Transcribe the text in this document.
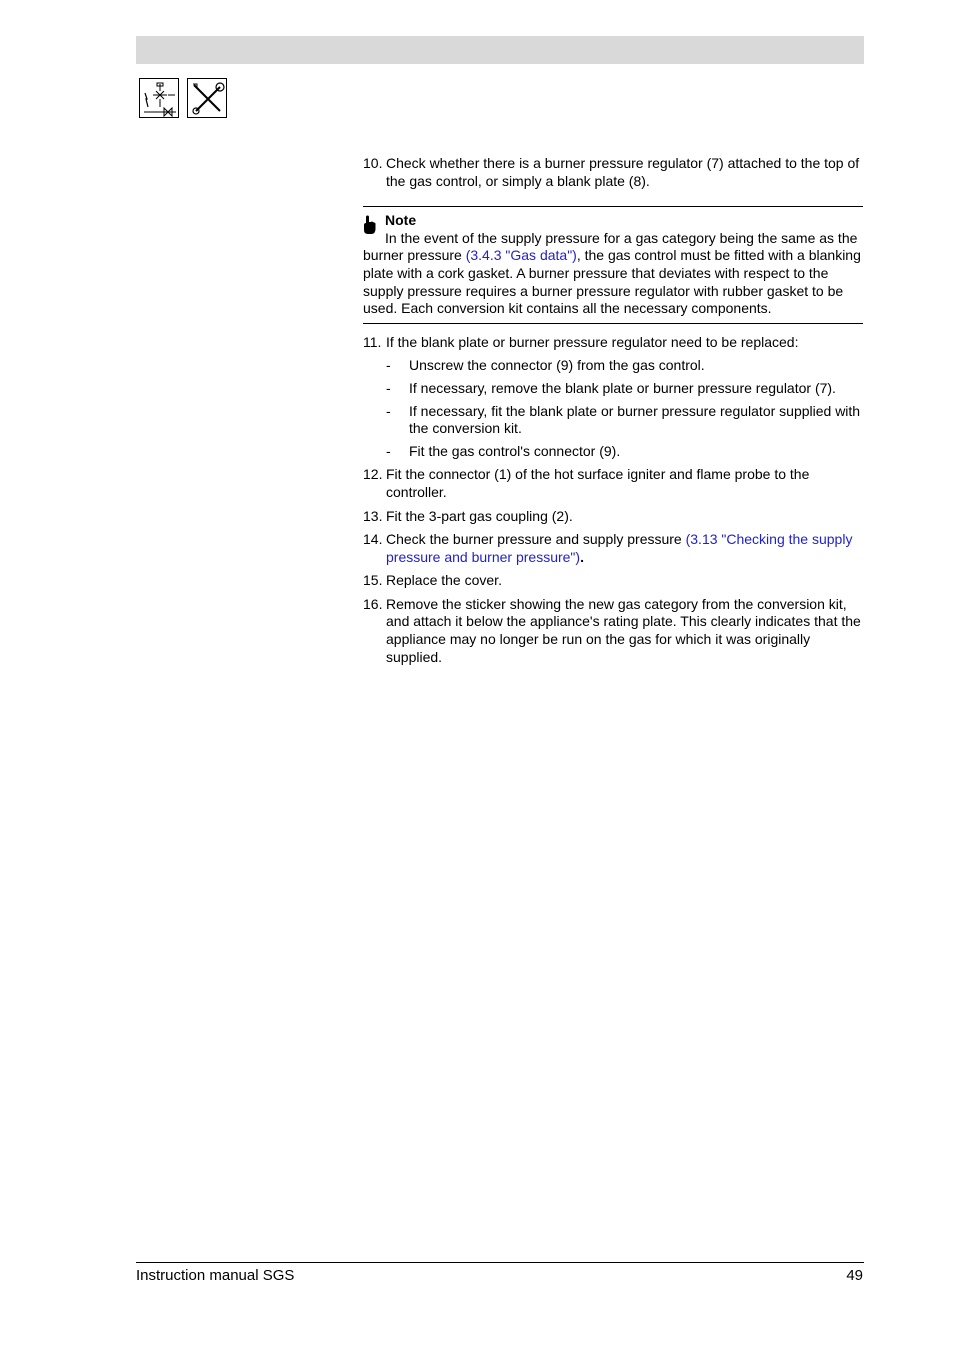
10. Check whether there is a burner pressure regulator (7) attached to the top of the gas control, or simply a blank plate (8).
Note
In the event of the supply pressure for a gas category being the same as the burner pressure (3.4.3 "Gas data"), the gas control must be fitted with a blanking plate with a cork gasket. A burner pressure that deviates with respect to the supply pressure requires a burner pressure regulator with rubber gasket to be used. Each conversion kit contains all the necessary components.
11. If the blank plate or burner pressure regulator need to be replaced:
-	Unscrew the connector (9) from the gas control.
-	If necessary, remove the blank plate or burner pressure regulator (7).
-	If necessary, fit the blank plate or burner pressure regulator supplied with the conversion kit.
-	Fit the gas control's connector (9).
12. Fit the connector (1) of the hot surface igniter and flame probe to the controller.
13. Fit the 3-part gas coupling (2).
14. Check the burner pressure and supply pressure (3.13 "Checking the supply pressure and burner pressure").
15. Replace the cover.
16. Remove the sticker showing the new gas category from the conversion kit, and attach it below the appliance's rating plate. This clearly indicates that the appliance may no longer be run on the gas for which it was originally supplied.
Instruction manual SGS	49
